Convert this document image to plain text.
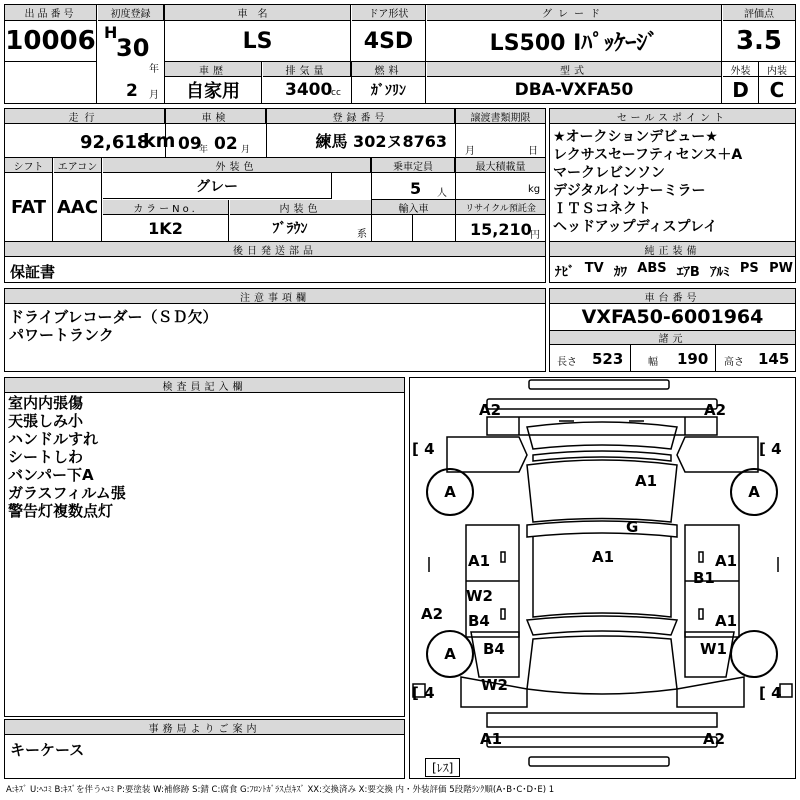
出品番号
10006
初度登録
H
30
年
2 月
車名
LS
ドア形状
4SD
グレード
LS500 Iﾊﾟｯｹｰｼﾞ
評価点
3.5
車歴
自家用
排気量
3400
cc
燃料
ｶﾞｿﾘﾝ
型式
DBA-VXFA50
外装	内装
D	C
走行
92,618
km
車検
09
年 02 月
登録番号
練馬 302ヌ8763
譲渡書類期限
月	日
シフト
FAT
エアコン
AAC
外装色
グレー
乗車定員
5 人
最大積載量
kg
カラーNo.
1K2
内装色
ﾌﾞﾗｳﾝ	系
輸入車	リサイクル預託金
15,210
円
後日発送部品
保証書
セールスポイント
★オークションデビュー★
レクサスセーフティセンス＋A
マークレビンソン
デジタルインナーミラー
ＩＴＳコネクト
ヘッドアップディスプレイ
純正装備
ﾅﾋﾞ TV ｶﾜ ABS ｴｱB ｱﾙﾐ PS PW
注意事項欄
ドライブレコーダー（ＳＤ欠）
パワートランク
車台番号
VXFA50-6001964
諸元
長さ 523 幅 190 高さ 145
検査員記入欄
室内内張傷
天張しみ小
ハンドルすれ
シートしわ
バンパー下A
ガラスフィルム張
警告灯複数点灯
事務局よりご案内
キーケース
A	A
A
[ 4	[ 4
[ 4	[ 4
A2	A2
A1
G
A1	A1	A1
B1
W2
B4	A1
A2
B4	W1
W2
A1	A2
[ﾚｽ]
A:ｷｽﾞ U:ﾍｺﾐ B:ｷｽﾞを伴うﾍｺﾐ P:要塗装 W:補修跡 S:錆 C:腐食 G:ﾌﾛﾝﾄｶﾞﾗｽ点ｷｽﾞ XX:交換済み X:要交換 内・外装評価 5段階ﾗﾝｸ順(A･B･C･D･E) 1
